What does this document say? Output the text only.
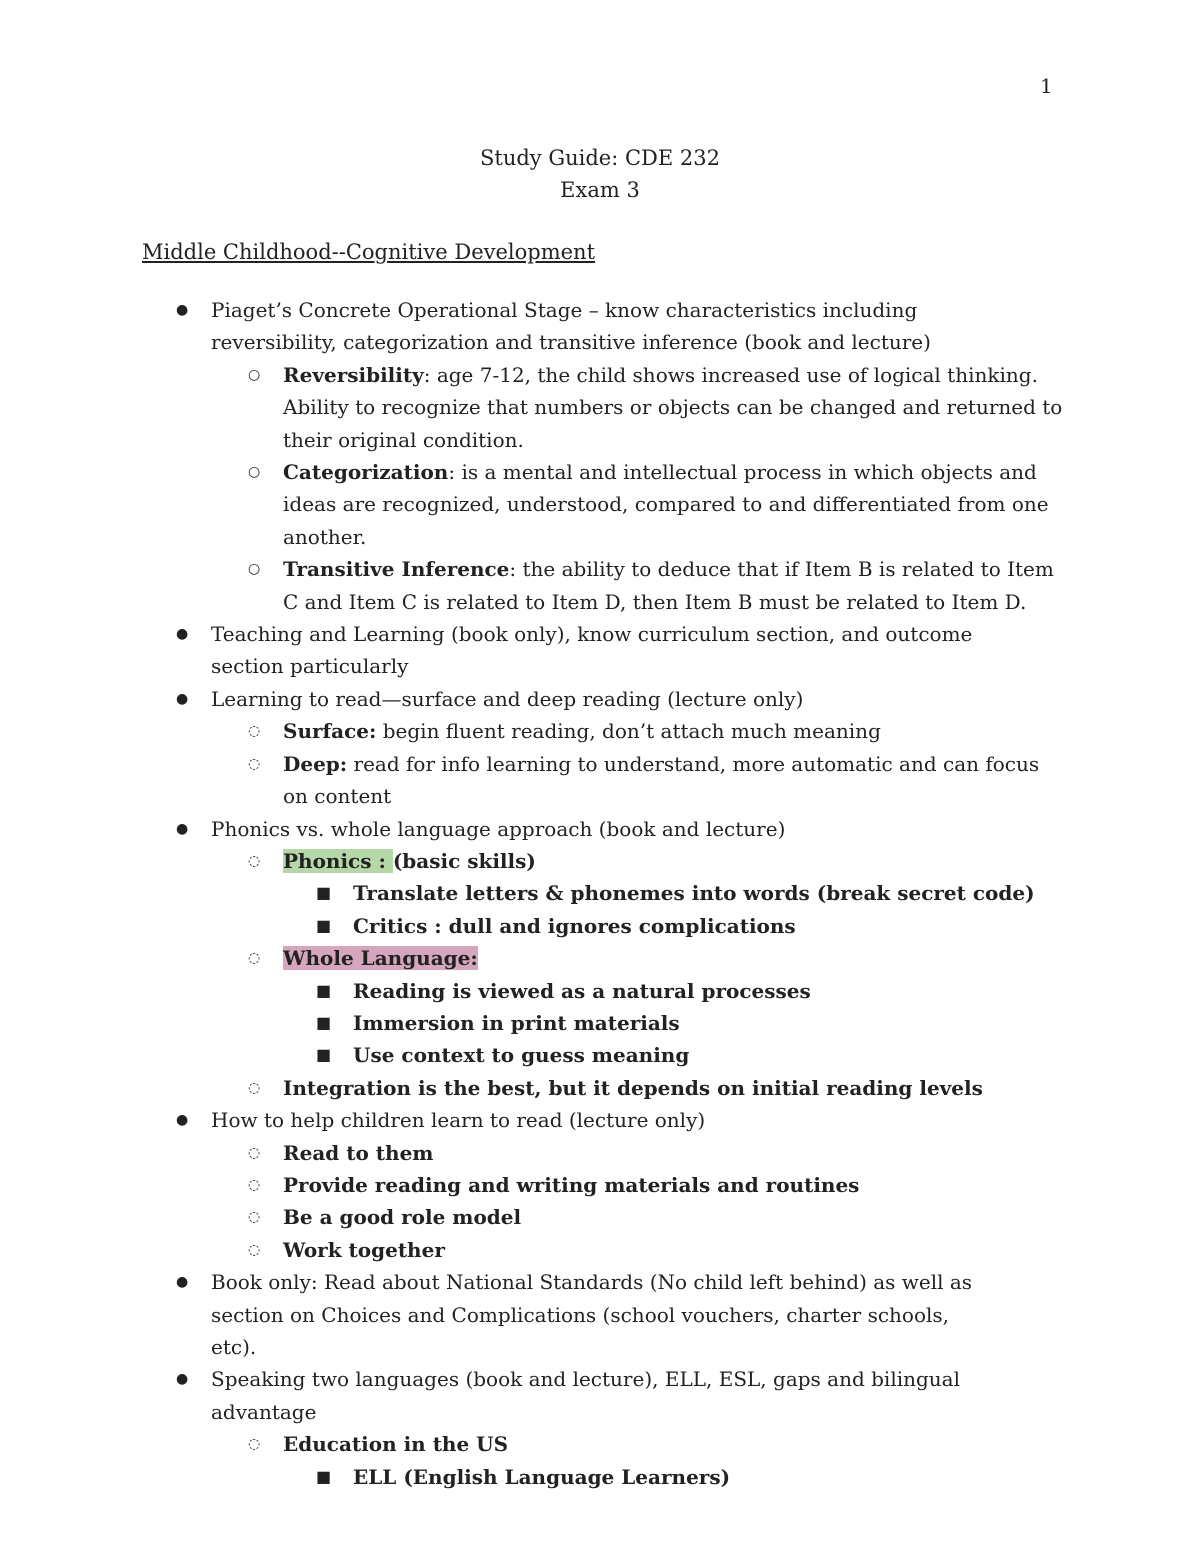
1
Study Guide: CDE 232
Exam 3
Middle Childhood--Cognitive Development
● Piaget’s Concrete Operational Stage – know characteristics including reversibility, categorization and transitive inference (book and lecture)
○ Reversibility: age 7-12, the child shows increased use of logical thinking. Ability to recognize that numbers or objects can be changed and returned to their original condition.
○ Categorization: is a mental and intellectual process in which objects and ideas are recognized, understood, compared to and differentiated from one another.
○ Transitive Inference: the ability to deduce that if Item B is related to Item C and Item C is related to Item D, then Item B must be related to Item D.
● Teaching and Learning (book only), know curriculum section, and outcome section particularly
● Learning to read—surface and deep reading (lecture only)
◌ Surface: begin fluent reading, don’t attach much meaning
◌ Deep: read for info learning to understand, more automatic and can focus on content
● Phonics vs. whole language approach (book and lecture)
◌ Phonics : (basic skills)
■ Translate letters & phonemes into words (break secret code)
■ Critics : dull and ignores complications
◌ Whole Language:
■ Reading is viewed as a natural processes
■ Immersion in print materials
■ Use context to guess meaning
◌ Integration is the best, but it depends on initial reading levels
● How to help children learn to read (lecture only)
◌ Read to them
◌ Provide reading and writing materials and routines
◌ Be a good role model
◌ Work together
● Book only: Read about National Standards (No child left behind) as well as section on Choices and Complications (school vouchers, charter schools, etc).
● Speaking two languages (book and lecture), ELL, ESL, gaps and bilingual advantage
◌ Education in the US
■ ELL (English Language Learners)
